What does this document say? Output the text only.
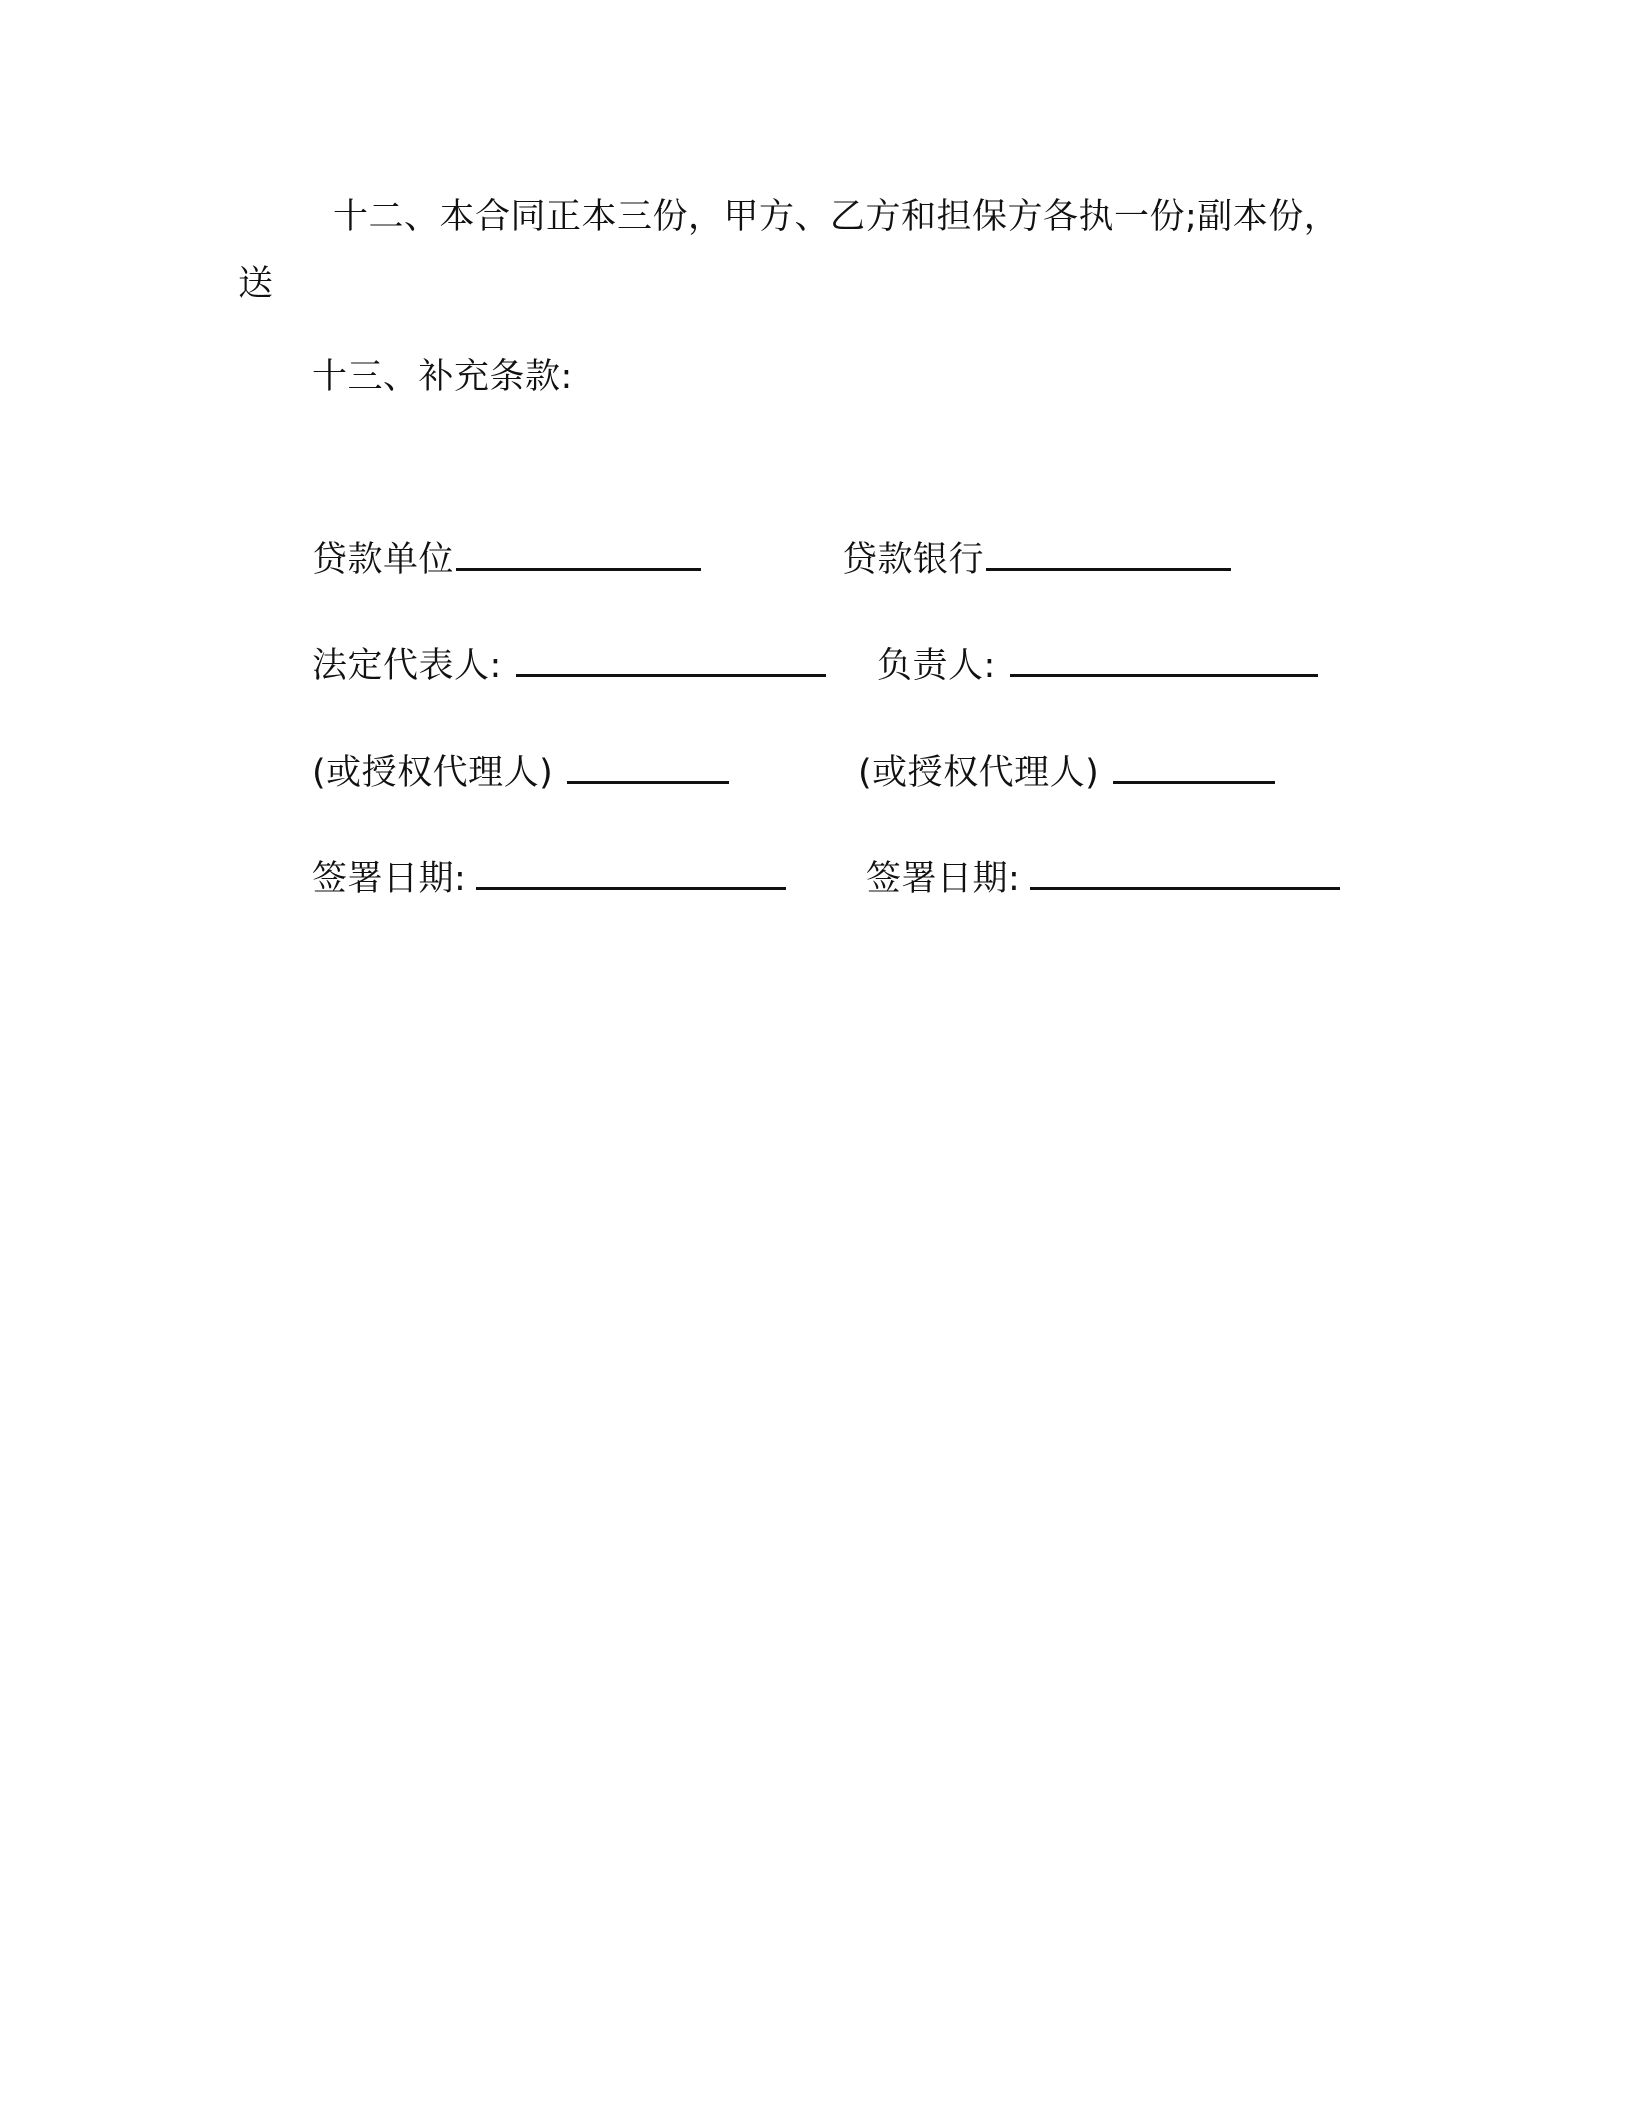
十二、本合同正本三份，甲方、乙方和担保方各执一份;副本份，
送
十三、补充条款:
贷款单位	贷款银行
法定代表人:	负责人:
(或授权代理人)	(或授权代理人)
签署日期:	签署日期:
